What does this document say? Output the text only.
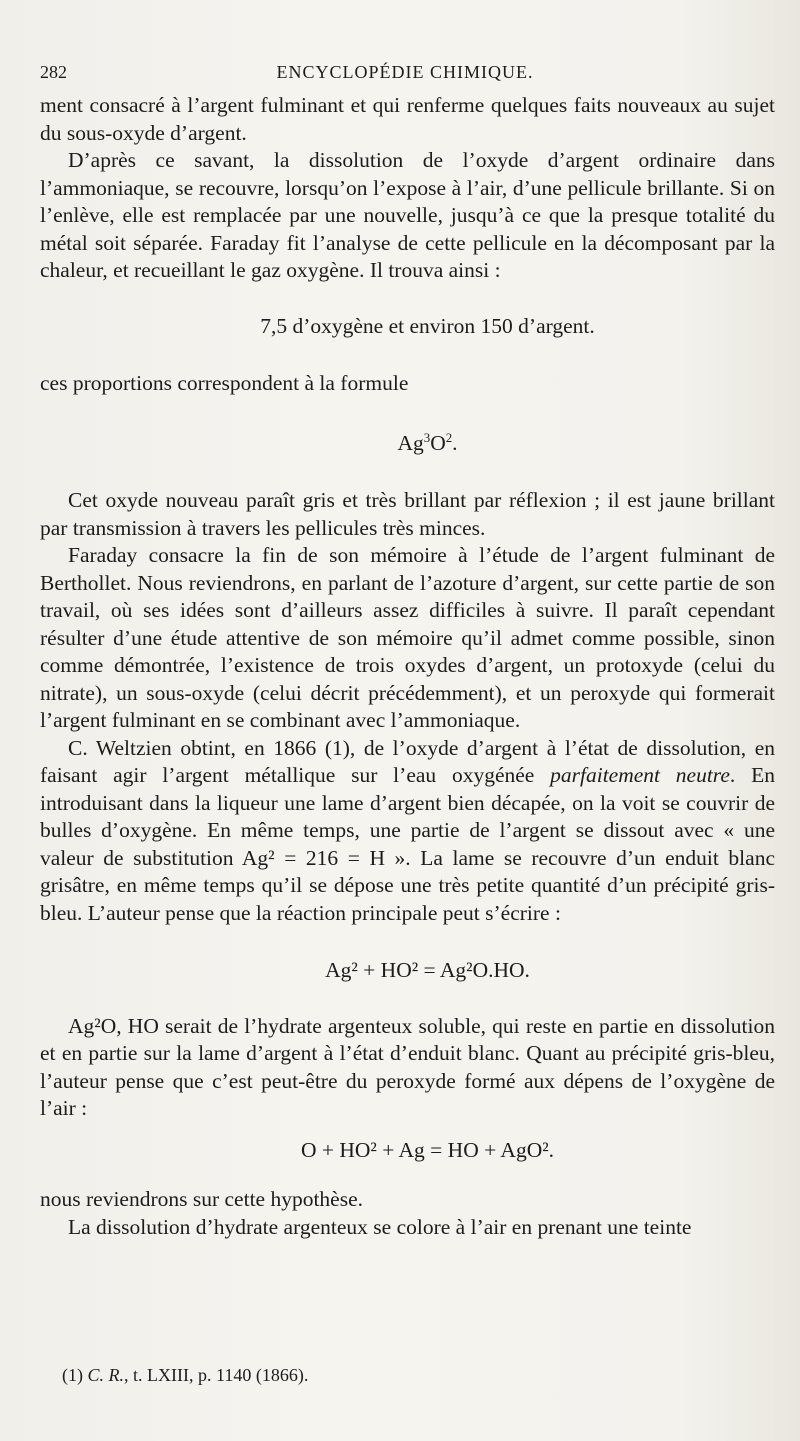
282	ENCYCLOPÉDIE CHIMIQUE.

ment consacré à l’argent fulminant et qui renferme quelques faits nouveaux au sujet du sous-oxyde d’argent.

D’après ce savant, la dissolution de l’oxyde d’argent ordinaire dans l’ammoniaque, se recouvre, lorsqu’on l’expose à l’air, d’une pellicule brillante. Si on l’enlève, elle est remplacée par une nouvelle, jusqu’à ce que la presque totalité du métal soit séparée. Faraday fit l’analyse de cette pellicule en la décomposant par la chaleur, et recueillant le gaz oxygène. Il trouva ainsi :

7,5 d’oxygène et environ 150 d’argent.

ces proportions correspondent à la formule

$Ag^3O^2$.

Cet oxyde nouveau paraît gris et très brillant par réflexion ; il est jaune brillant par transmission à travers les pellicules très minces.

Faraday consacre la fin de son mémoire à l’étude de l’argent fulminant de Berthollet. Nous reviendrons, en parlant de l’azoture d’argent, sur cette partie de son travail, où ses idées sont d’ailleurs assez difficiles à suivre. Il paraît cependant résulter d’une étude attentive de son mémoire qu’il admet comme possible, sinon comme démontrée, l’existence de trois oxydes d’argent, un protoxyde (celui du nitrate), un sous-oxyde (celui décrit précédemment), et un peroxyde qui formerait l’argent fulminant en se combinant avec l’ammoniaque.

C. Weltzien obtint, en 1866 (1), de l’oxyde d’argent à l’état de dissolution, en faisant agir l’argent métallique sur l’eau oxygénée parfaitement neutre. En introduisant dans la liqueur une lame d’argent bien décapée, on la voit se couvrir de bulles d’oxygène. En même temps, une partie de l’argent se dissout avec « une valeur de substitution Ag² = 216 = H ». La lame se recouvre d’un enduit blanc grisâtre, en même temps qu’il se dépose une très petite quantité d’un précipité gris-bleu. L’auteur pense que la réaction principale peut s’écrire :

Ag² + HO² = Ag²O.HO.

Ag²O, HO serait de l’hydrate argenteux soluble, qui reste en partie en dissolution et en partie sur la lame d’argent à l’état d’enduit blanc. Quant au précipité gris-bleu, l’auteur pense que c’est peut-être du peroxyde formé aux dépens de l’oxygène de l’air :

O + HO² + Ag = HO + AgO².

nous reviendrons sur cette hypothèse.

La dissolution d’hydrate argenteux se colore à l’air en prenant une teinte

(1) C. R., t. LXIII, p. 1140 (1866).
